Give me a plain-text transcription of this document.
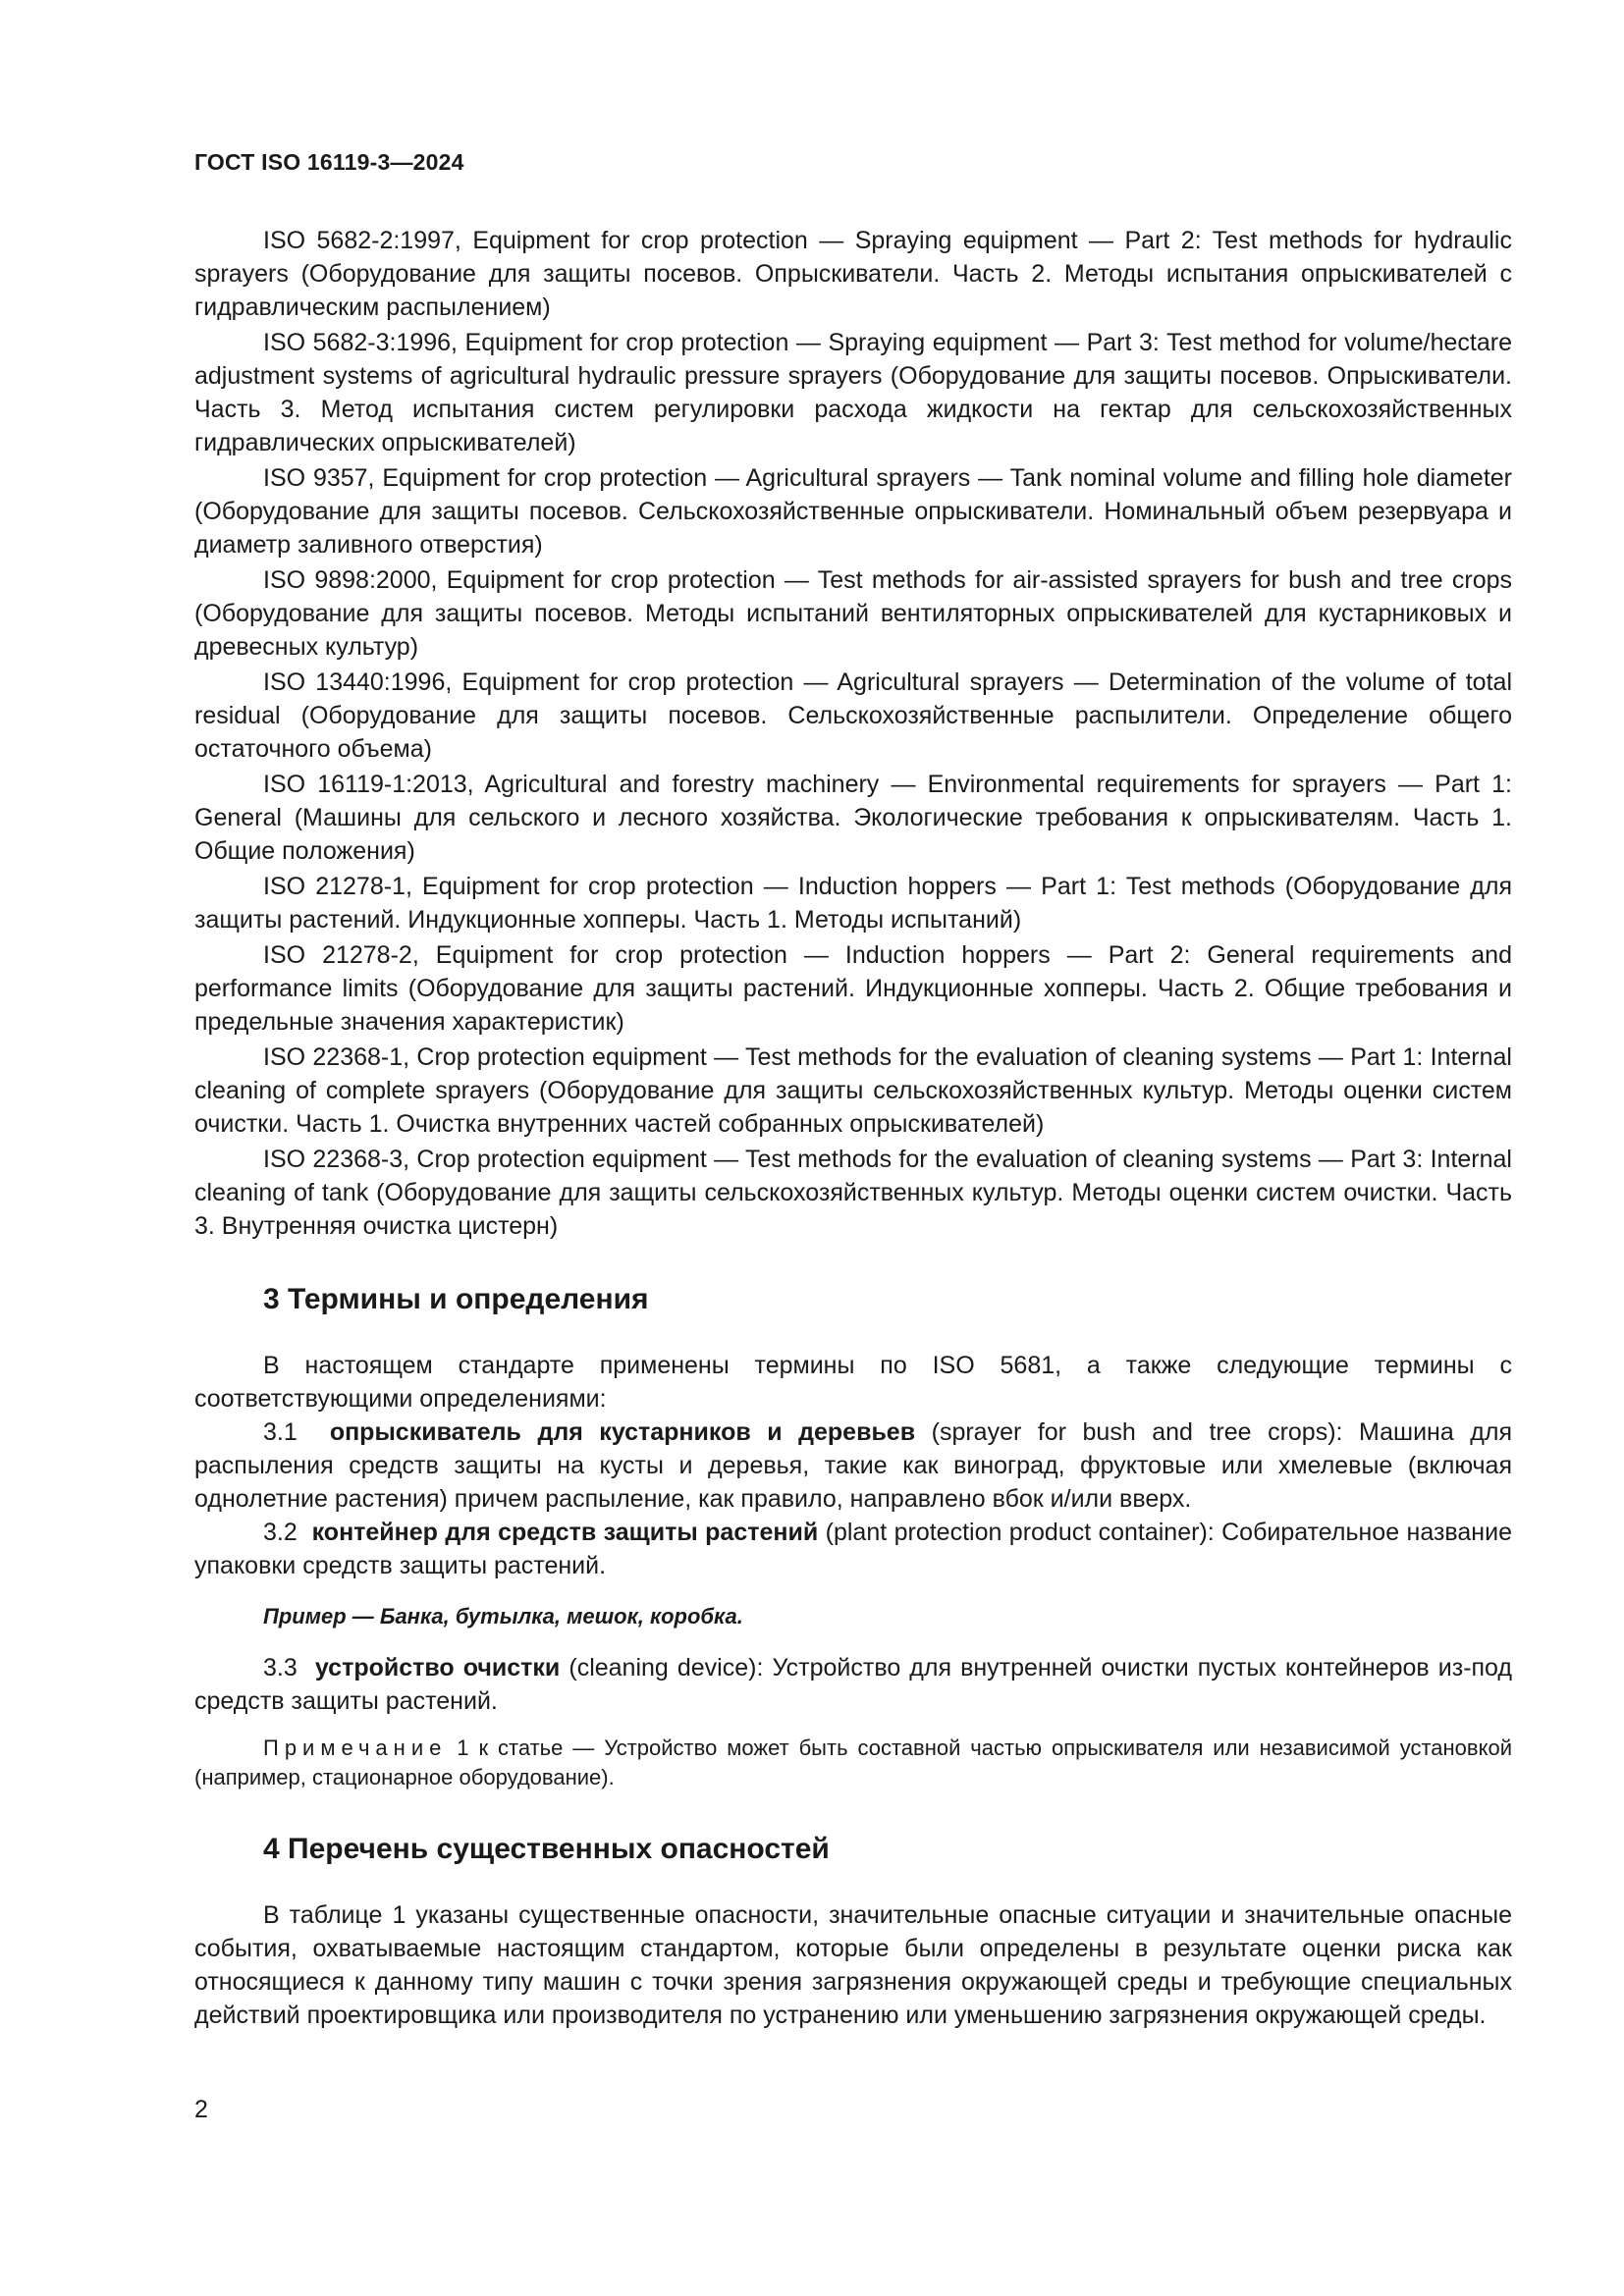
ГОСТ ISO 16119-3—2024

ISO 5682-2:1997, Equipment for crop protection — Spraying equipment — Part 2: Test methods for hydraulic sprayers (Оборудование для защиты посевов. Опрыскиватели. Часть 2. Методы испытания опрыскивателей с гидравлическим распылением)

ISO 5682-3:1996, Equipment for crop protection — Spraying equipment — Part 3: Test method for volume/hectare adjustment systems of agricultural hydraulic pressure sprayers (Оборудование для защиты посевов. Опрыскиватели. Часть 3. Метод испытания систем регулировки расхода жидкости на гектар для сельскохозяйственных гидравлических опрыскивателей)

ISO 9357, Equipment for crop protection — Agricultural sprayers — Tank nominal volume and filling hole diameter (Оборудование для защиты посевов. Сельскохозяйственные опрыскиватели. Номинальный объем резервуара и диаметр заливного отверстия)

ISO 9898:2000, Equipment for crop protection — Test methods for air-assisted sprayers for bush and tree crops (Оборудование для защиты посевов. Методы испытаний вентиляторных опрыскивателей для кустарниковых и древесных культур)

ISO 13440:1996, Equipment for crop protection — Agricultural sprayers — Determination of the volume of total residual (Оборудование для защиты посевов. Сельскохозяйственные распылители. Определение общего остаточного объема)

ISO 16119-1:2013, Agricultural and forestry machinery — Environmental requirements for sprayers — Part 1: General (Машины для сельского и лесного хозяйства. Экологические требования к опрыскивателям. Часть 1. Общие положения)

ISO 21278-1, Equipment for crop protection — Induction hoppers — Part 1: Test methods (Оборудование для защиты растений. Индукционные хопперы. Часть 1. Методы испытаний)

ISO 21278-2, Equipment for crop protection — Induction hoppers — Part 2: General requirements and performance limits (Оборудование для защиты растений. Индукционные хопперы. Часть 2. Общие требования и предельные значения характеристик)

ISO 22368-1, Crop protection equipment — Test methods for the evaluation of cleaning systems — Part 1: Internal cleaning of complete sprayers (Оборудование для защиты сельскохозяйственных культур. Методы оценки систем очистки. Часть 1. Очистка внутренних частей собранных опрыскивателей)

ISO 22368-3, Crop protection equipment — Test methods for the evaluation of cleaning systems — Part 3: Internal cleaning of tank (Оборудование для защиты сельскохозяйственных культур. Методы оценки систем очистки. Часть 3. Внутренняя очистка цистерн)

3 Термины и определения

В настоящем стандарте применены термины по ISO 5681, а также следующие термины с соответствующими определениями:

3.1 опрыскиватель для кустарников и деревьев (sprayer for bush and tree crops): Машина для распыления средств защиты на кусты и деревья, такие как виноград, фруктовые или хмелевые (включая однолетние растения) причем распыление, как правило, направлено вбок и/или вверх.

3.2 контейнер для средств защиты растений (plant protection product container): Собирательное название упаковки средств защиты растений.

Пример — Банка, бутылка, мешок, коробка.

3.3 устройство очистки (cleaning device): Устройство для внутренней очистки пустых контейнеров из-под средств защиты растений.

Примечание 1 к статье — Устройство может быть составной частью опрыскивателя или независимой установкой (например, стационарное оборудование).

4 Перечень существенных опасностей

В таблице 1 указаны существенные опасности, значительные опасные ситуации и значительные опасные события, охватываемые настоящим стандартом, которые были определены в результате оценки риска как относящиеся к данному типу машин с точки зрения загрязнения окружающей среды и требующие специальных действий проектировщика или производителя по устранению или уменьшению загрязнения окружающей среды.

2
